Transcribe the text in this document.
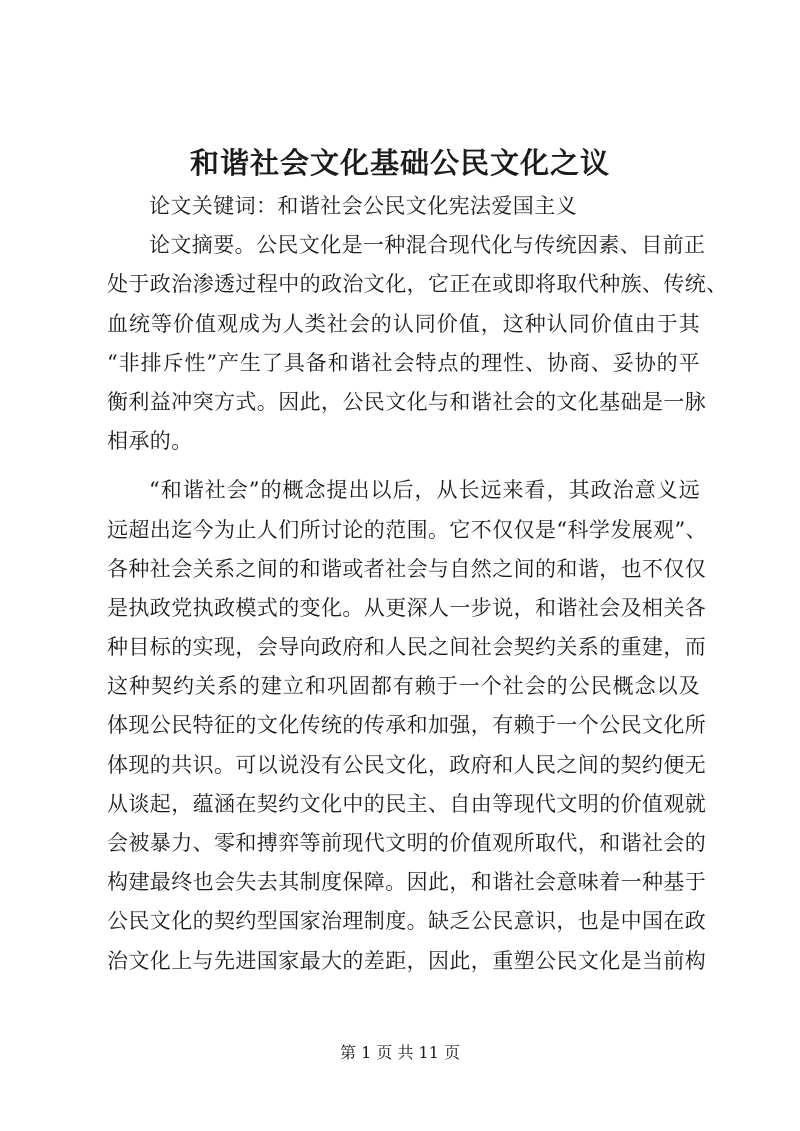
和谐社会文化基础公民文化之议

论文关键词：和谐社会公民文化宪法爱国主义

论文摘要。公民文化是一种混合现代化与传统因素、目前正
处于政治渗透过程中的政治文化，它正在或即将取代种族、传统、
血统等价值观成为人类社会的认同价值，这种认同价值由于其
“非排斥性”产生了具备和谐社会特点的理性、协商、妥协的平
衡利益冲突方式。因此，公民文化与和谐社会的文化基础是一脉
相承的。

“和谐社会”的概念提出以后，从长远来看，其政治意义远
远超出迄今为止人们所讨论的范围。它不仅仅是“科学发展观”、
各种社会关系之间的和谐或者社会与自然之间的和谐，也不仅仅
是执政党执政模式的变化。从更深人一步说，和谐社会及相关各
种目标的实现，会导向政府和人民之间社会契约关系的重建，而
这种契约关系的建立和巩固都有赖于一个社会的公民概念以及
体现公民特征的文化传统的传承和加强，有赖于一个公民文化所
体现的共识。可以说没有公民文化，政府和人民之间的契约便无
从谈起，蕴涵在契约文化中的民主、自由等现代文明的价值观就
会被暴力、零和搏弈等前现代文明的价值观所取代，和谐社会的
构建最终也会失去其制度保障。因此，和谐社会意味着一种基于
公民文化的契约型国家治理制度。缺乏公民意识，也是中国在政
治文化上与先进国家最大的差距，因此，重塑公民文化是当前构

第 1 页 共 11 页
